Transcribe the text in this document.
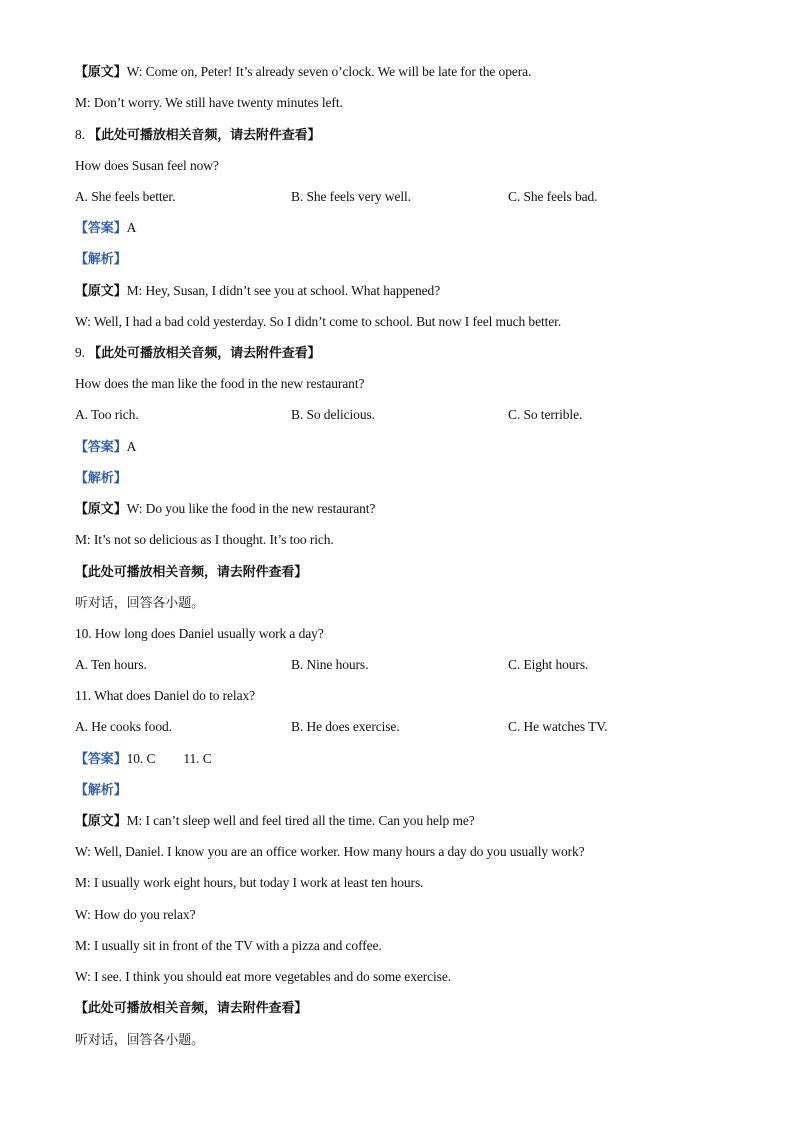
【原文】W: Come on, Peter! It’s already seven o’clock. We will be late for the opera.
M: Don’t worry. We still have twenty minutes left.
8. 【此处可播放相关音频，请去附件查看】
How does Susan feel now?
A. She feels better.	B. She feels very well.	C. She feels bad.
【答案】A
【解析】
【原文】M: Hey, Susan, I didn’t see you at school. What happened?
W: Well, I had a bad cold yesterday. So I didn’t come to school. But now I feel much better.
9. 【此处可播放相关音频，请去附件查看】
How does the man like the food in the new restaurant?
A. Too rich.	B. So delicious.	C. So terrible.
【答案】A
【解析】
【原文】W: Do you like the food in the new restaurant?
M: It’s not so delicious as I thought. It’s too rich.
【此处可播放相关音频，请去附件查看】
听对话，回答各小题。
10. How long does Daniel usually work a day?
A. Ten hours.	B. Nine hours.	C. Eight hours.
11. What does Daniel do to relax?
A. He cooks food.	B. He does exercise.	C. He watches TV.
【答案】10. C 11. C
【解析】
【原文】M: I can’t sleep well and feel tired all the time. Can you help me?
W: Well, Daniel. I know you are an office worker. How many hours a day do you usually work?
M: I usually work eight hours, but today I work at least ten hours.
W: How do you relax?
M: I usually sit in front of the TV with a pizza and coffee.
W: I see. I think you should eat more vegetables and do some exercise.
【此处可播放相关音频，请去附件查看】
听对话，回答各小题。
